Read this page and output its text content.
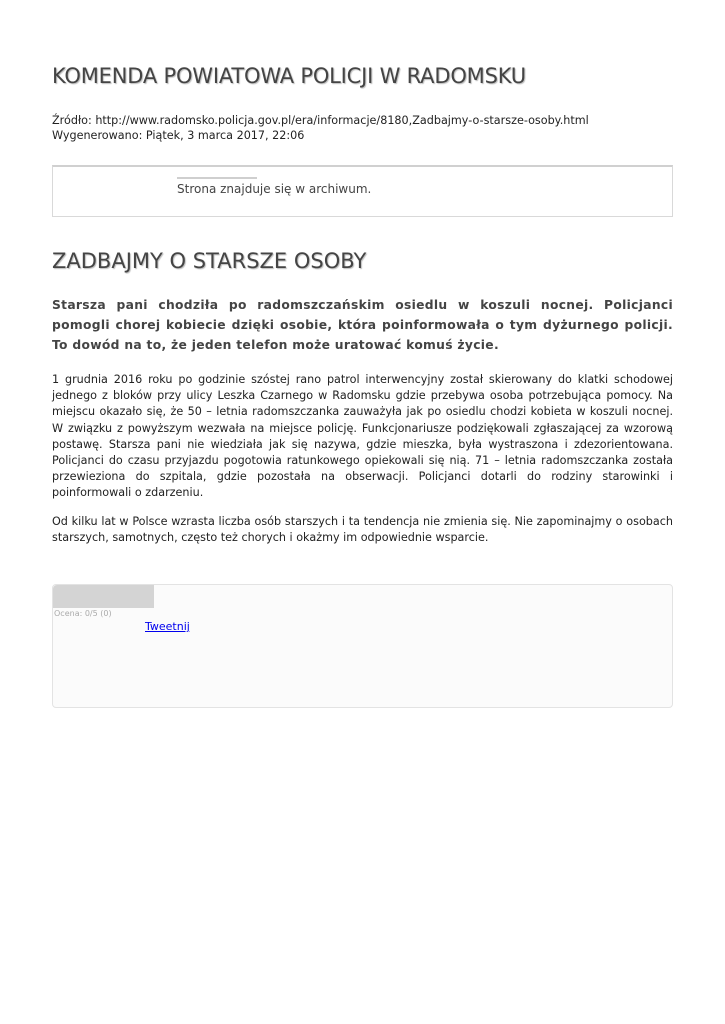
KOMENDA POWIATOWA POLICJI W RADOMSKU
Źródło: http://www.radomsko.policja.gov.pl/era/informacje/8180,Zadbajmy-o-starsze-osoby.html
Wygenerowano: Piątek, 3 marca 2017, 22:06
Strona znajduje się w archiwum.
ZADBAJMY O STARSZE OSOBY

Starsza pani chodziła po radomszczańskim osiedlu w koszuli nocnej. Policjanci pomogli chorej kobiecie dzięki osobie, która poinformowała o tym dyżurnego policji. To dowód na to, że jeden telefon może uratować komuś życie.

1 grudnia 2016 roku po godzinie szóstej rano patrol interwencyjny został skierowany do klatki schodowej jednego z bloków przy ulicy Leszka Czarnego w Radomsku gdzie przebywa osoba potrzebująca pomocy. Na miejscu okazało się, że 50 – letnia radomszczanka zauważyła jak po osiedlu chodzi kobieta w koszuli nocnej. W związku z powyższym wezwała na miejsce policję. Funkcjonariusze podziękowali zgłaszającej za wzorową postawę. Starsza pani nie wiedziała jak się nazywa, gdzie mieszka, była wystraszona i zdezorientowana. Policjanci do czasu przyjazdu pogotowia ratunkowego opiekowali się nią. 71 – letnia radomszczanka została przewieziona do szpitala, gdzie pozostała na obserwacji. Policjanci dotarli do rodziny starowinki i poinformowali o zdarzeniu.

Od kilku lat w Polsce wzrasta liczba osób starszych i ta tendencja nie zmienia się. Nie zapominajmy o osobach starszych, samotnych, często też chorych i okażmy im odpowiednie wsparcie.

Ocena: 0/5 (0)
Tweetnij
